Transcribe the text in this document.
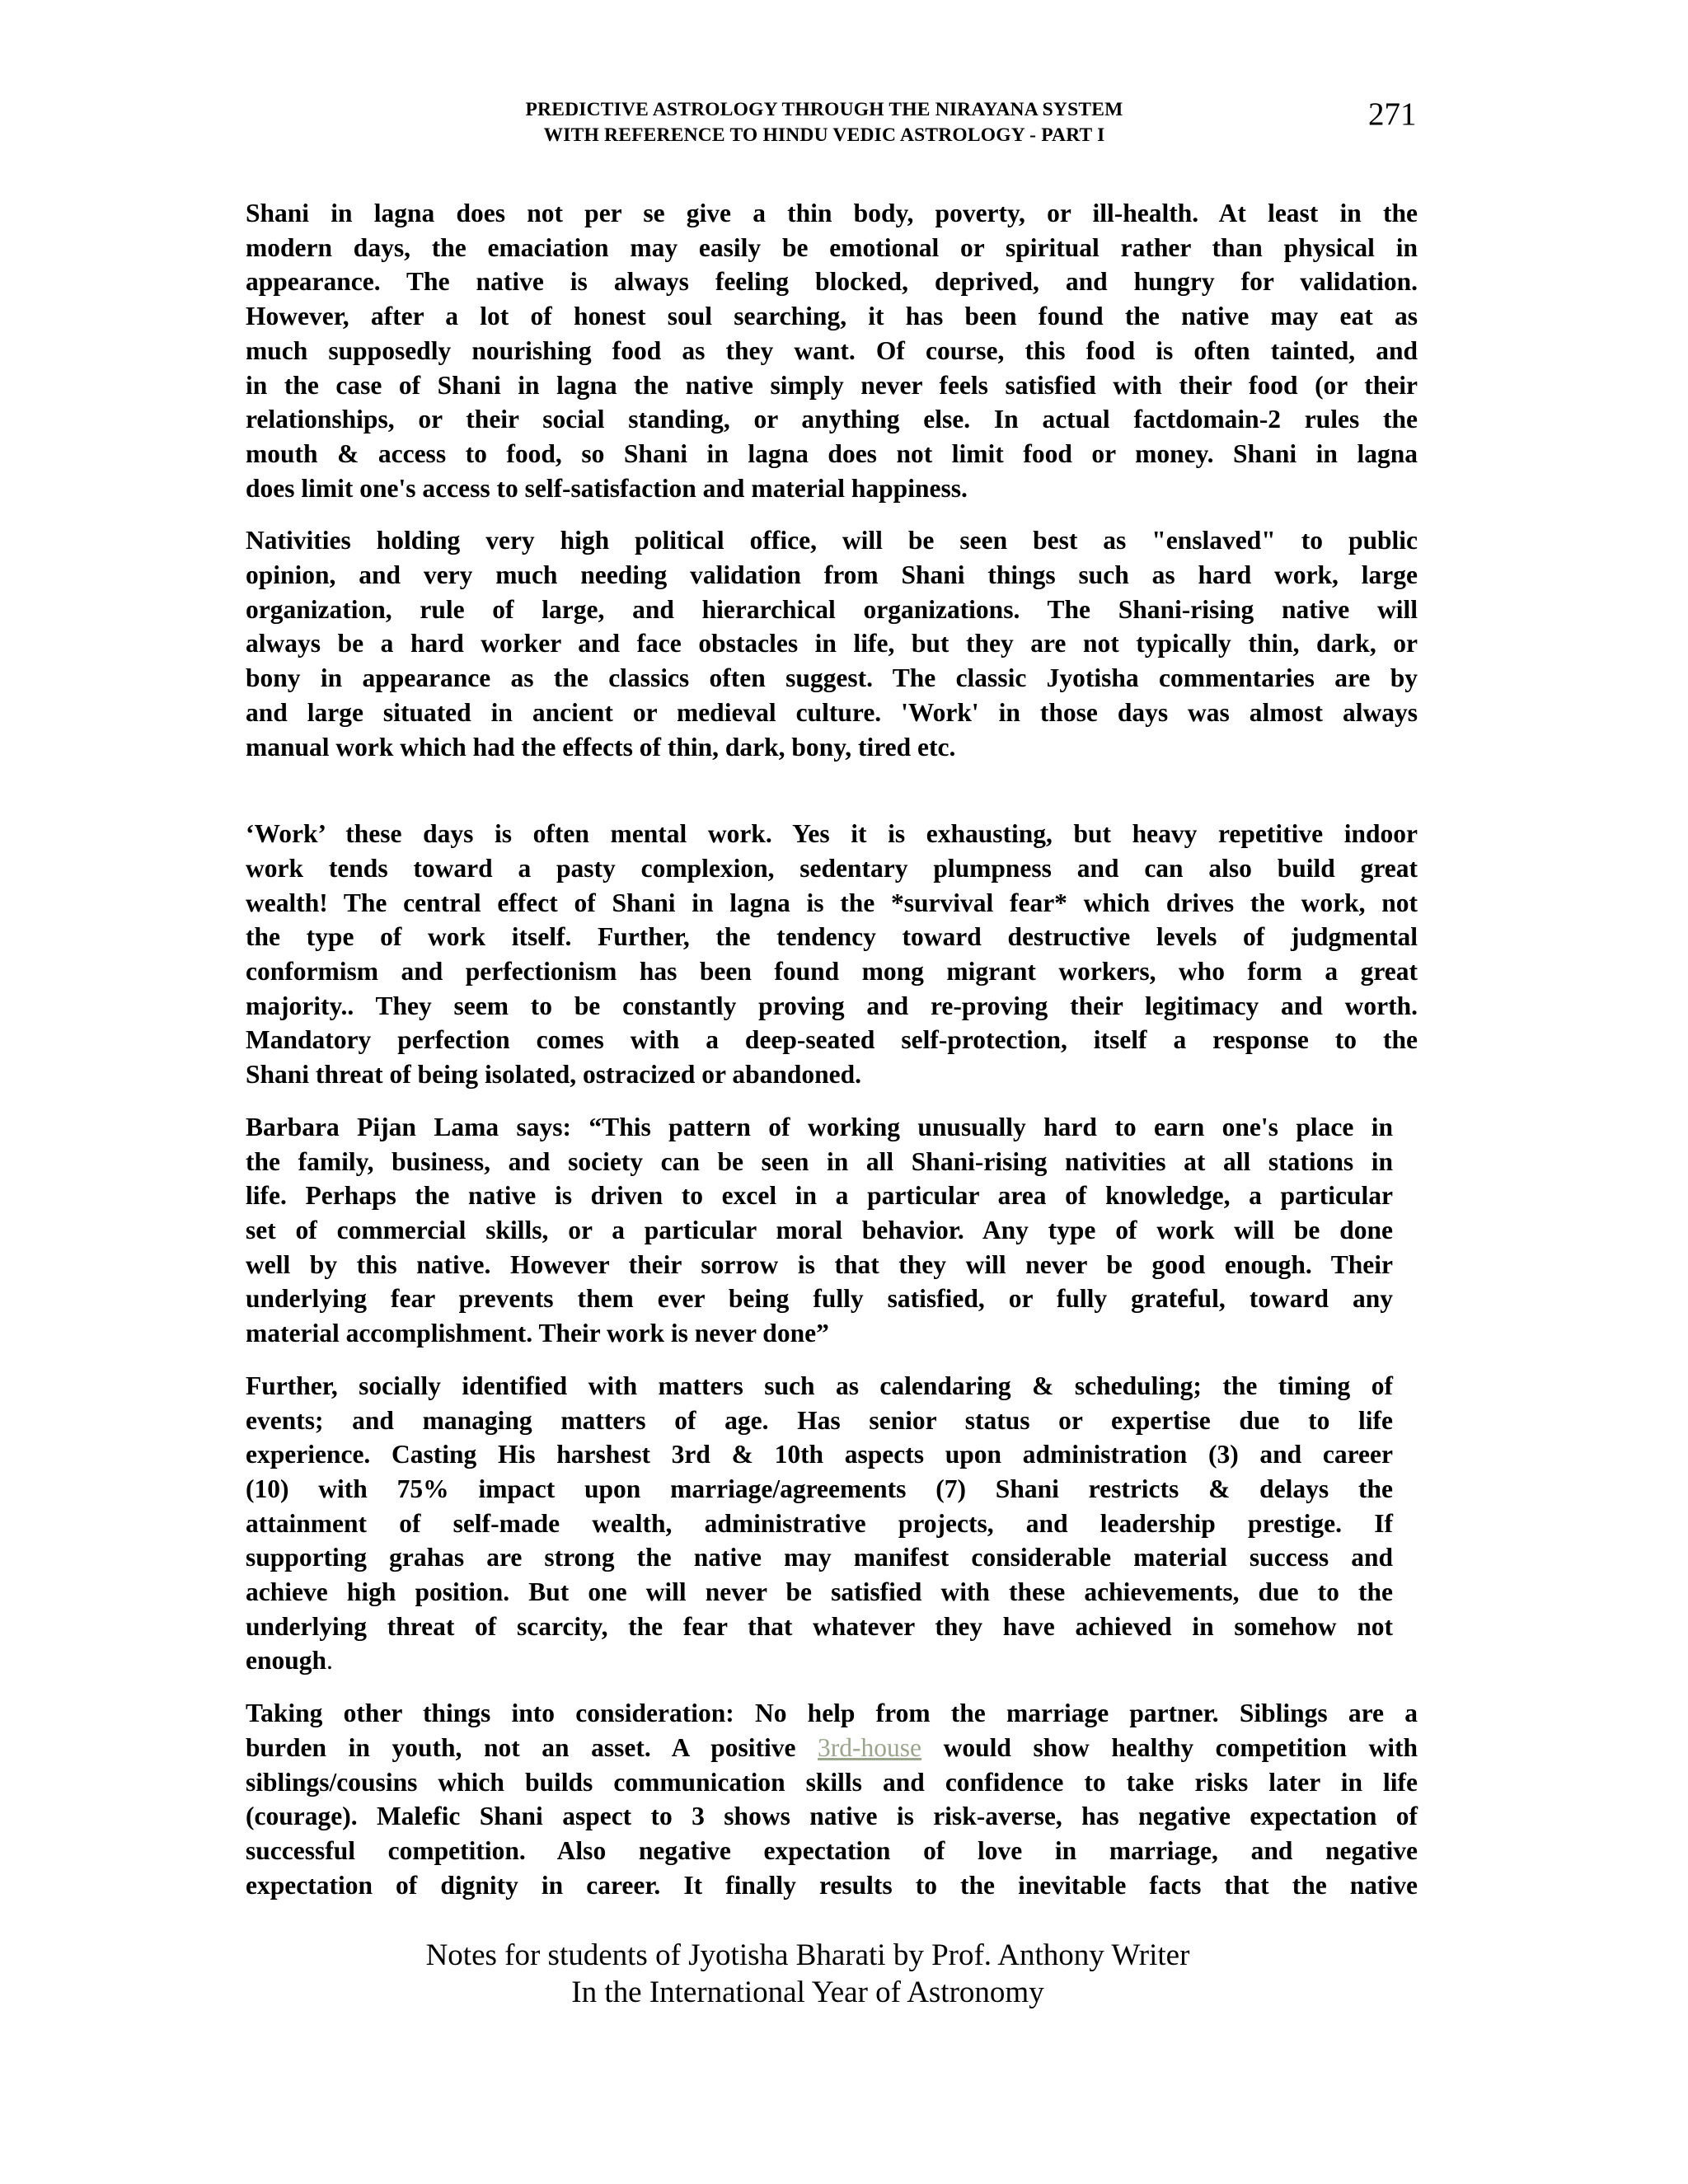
PREDICTIVE ASTROLOGY THROUGH THE NIRAYANA SYSTEM
WITH REFERENCE TO HINDU VEDIC ASTROLOGY - PART I
271
Shani in lagna does not per se give a thin body, poverty, or ill-health. At least in the
modern days, the emaciation may easily be emotional or spiritual rather than physical in
appearance. The native is always feeling blocked, deprived, and hungry for validation.
However, after a lot of honest soul searching, it has been found the native may eat as
much supposedly nourishing food as they want. Of course, this food is often tainted, and
in the case of Shani in lagna the native simply never feels satisfied with their food (or their
relationships, or their social standing, or anything else. In actual factdomain-2 rules the
mouth & access to food, so Shani in lagna does not limit food or money. Shani in lagna
does limit one's access to self-satisfaction and material happiness.
Nativities holding very high political office, will be seen best as "enslaved" to public
opinion, and very much needing validation from Shani things such as hard work, large
organization, rule of large, and hierarchical organizations. The Shani-rising native will
always be a hard worker and face obstacles in life, but they are not typically thin, dark, or
bony in appearance as the classics often suggest. The classic Jyotisha commentaries are by
and large situated in ancient or medieval culture. 'Work' in those days was almost always
manual work which had the effects of thin, dark, bony, tired etc.
‘Work’ these days is often mental work. Yes it is exhausting, but heavy repetitive indoor
work tends toward a pasty complexion, sedentary plumpness and can also build great
wealth! The central effect of Shani in lagna is the *survival fear* which drives the work, not
the type of work itself. Further, the tendency toward destructive levels of judgmental
conformism and perfectionism has been found mong migrant workers, who form a great
majority.. They seem to be constantly proving and re-proving their legitimacy and worth.
Mandatory perfection comes with a deep-seated self-protection, itself a response to the
Shani threat of being isolated, ostracized or abandoned.
Barbara Pijan Lama says: “This pattern of working unusually hard to earn one's place in
the family, business, and society can be seen in all Shani-rising nativities at all stations in
life. Perhaps the native is driven to excel in a particular area of knowledge, a particular
set of commercial skills, or a particular moral behavior. Any type of work will be done
well by this native. However their sorrow is that they will never be good enough. Their
underlying fear prevents them ever being fully satisfied, or fully grateful, toward any
material accomplishment. Their work is never done”
Further, socially identified with matters such as calendaring & scheduling; the timing of
events; and managing matters of age. Has senior status or expertise due to life
experience. Casting His harshest 3rd & 10th aspects upon administration (3) and career
(10) with 75% impact upon marriage/agreements (7) Shani restricts & delays the
attainment of self-made wealth, administrative projects, and leadership prestige. If
supporting grahas are strong the native may manifest considerable material success and
achieve high position. But one will never be satisfied with these achievements, due to the
underlying threat of scarcity, the fear that whatever they have achieved in somehow not
enough.
Taking other things into consideration: No help from the marriage partner. Siblings are a
burden in youth, not an asset. A positive 3rd-house would show healthy competition with
siblings/cousins which builds communication skills and confidence to take risks later in life
(courage). Malefic Shani aspect to 3 shows native is risk-averse, has negative expectation of
successful competition. Also negative expectation of love in marriage, and negative
expectation of dignity in career. It finally results to the inevitable facts that the native
Notes for students of Jyotisha Bharati by Prof. Anthony Writer
In the International Year of Astronomy
